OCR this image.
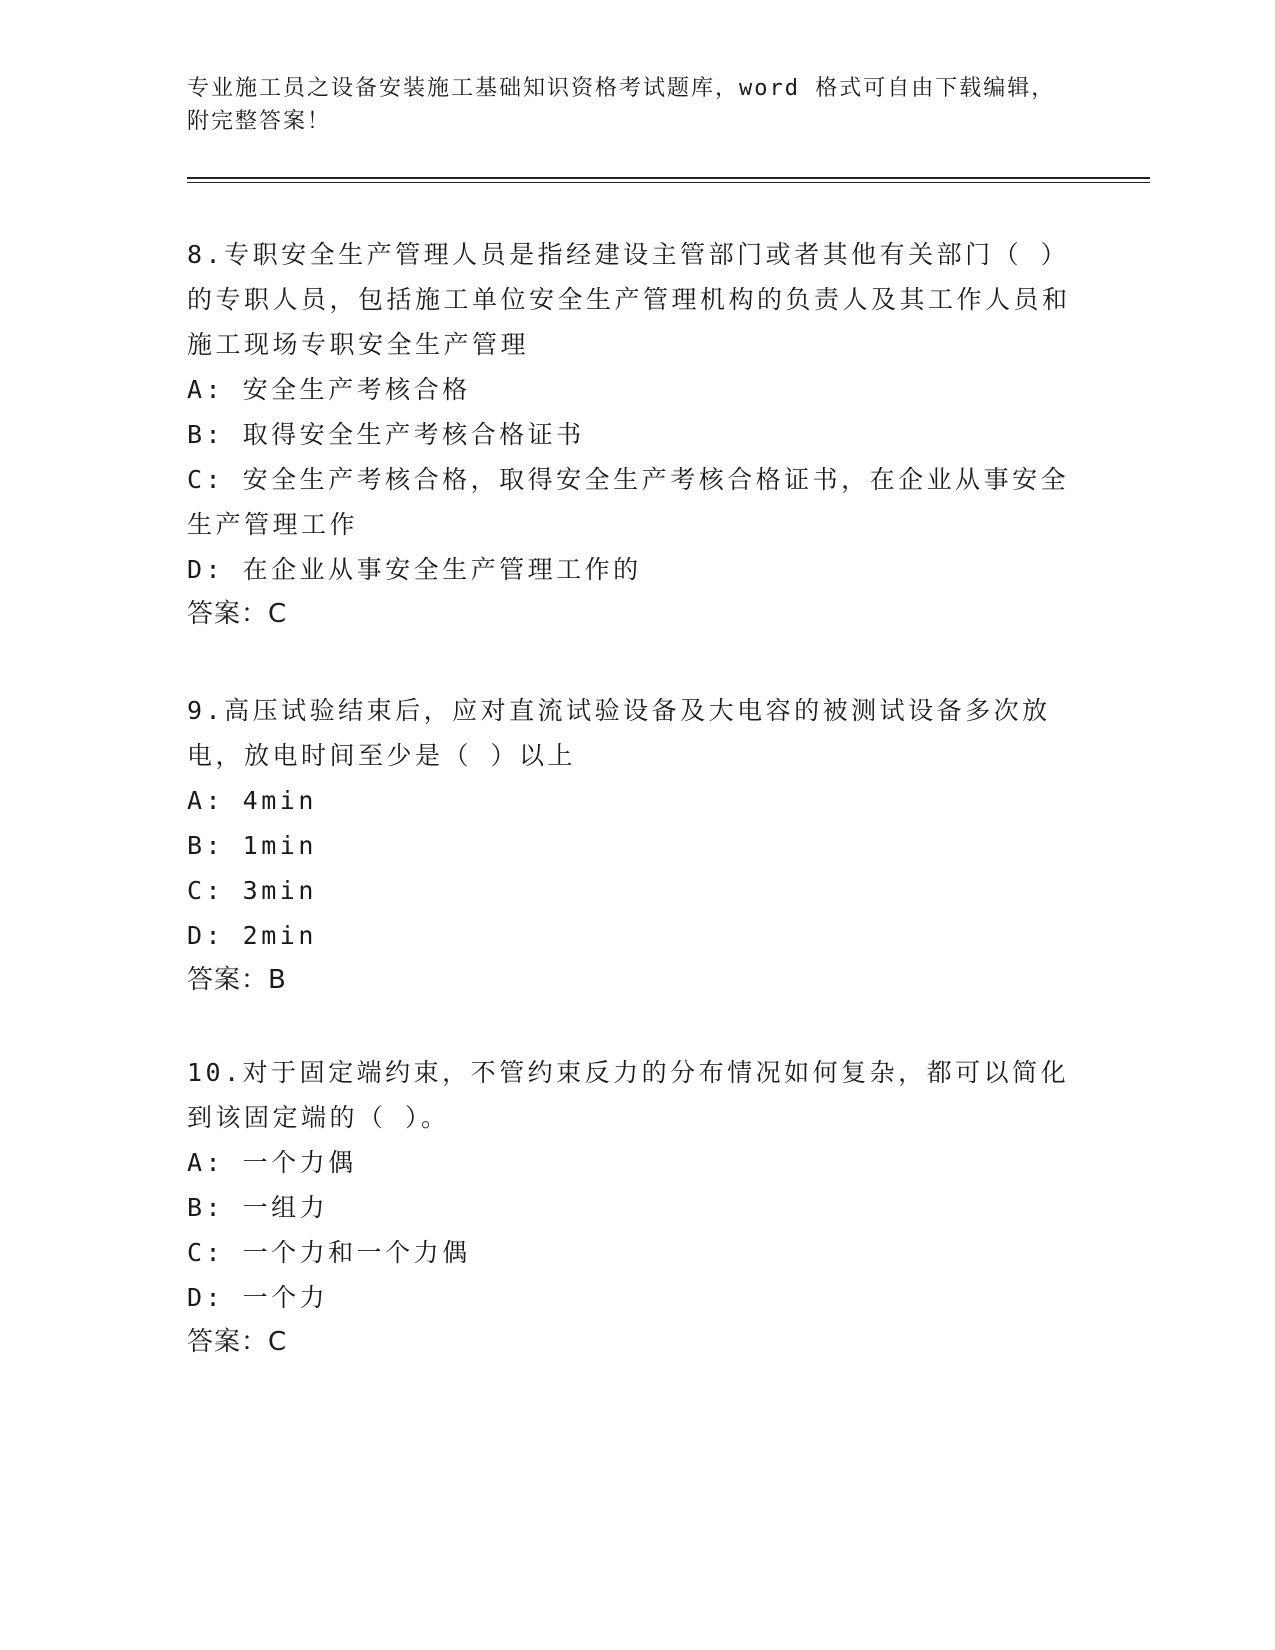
专业施工员之设备安装施工基础知识资格考试题库，word 格式可自由下载编辑，
附完整答案！

8.专职安全生产管理人员是指经建设主管部门或者其他有关部门（ ）的专职人员，包括施工单位安全生产管理机构的负责人及其工作人员和施工现场专职安全生产管理

A: 安全生产考核合格

B: 取得安全生产考核合格证书

C: 安全生产考核合格，取得安全生产考核合格证书，在企业从事安全生产管理工作

D: 在企业从事安全生产管理工作的

答案：C

9.高压试验结束后，应对直流试验设备及大电容的被测试设备多次放电，放电时间至少是（ ）以上

A: 4min

B: 1min

C: 3min

D: 2min

答案：B

10.对于固定端约束，不管约束反力的分布情况如何复杂，都可以简化到该固定端的（ ）。

A: 一个力偶

B: 一组力

C: 一个力和一个力偶

D: 一个力

答案：C
